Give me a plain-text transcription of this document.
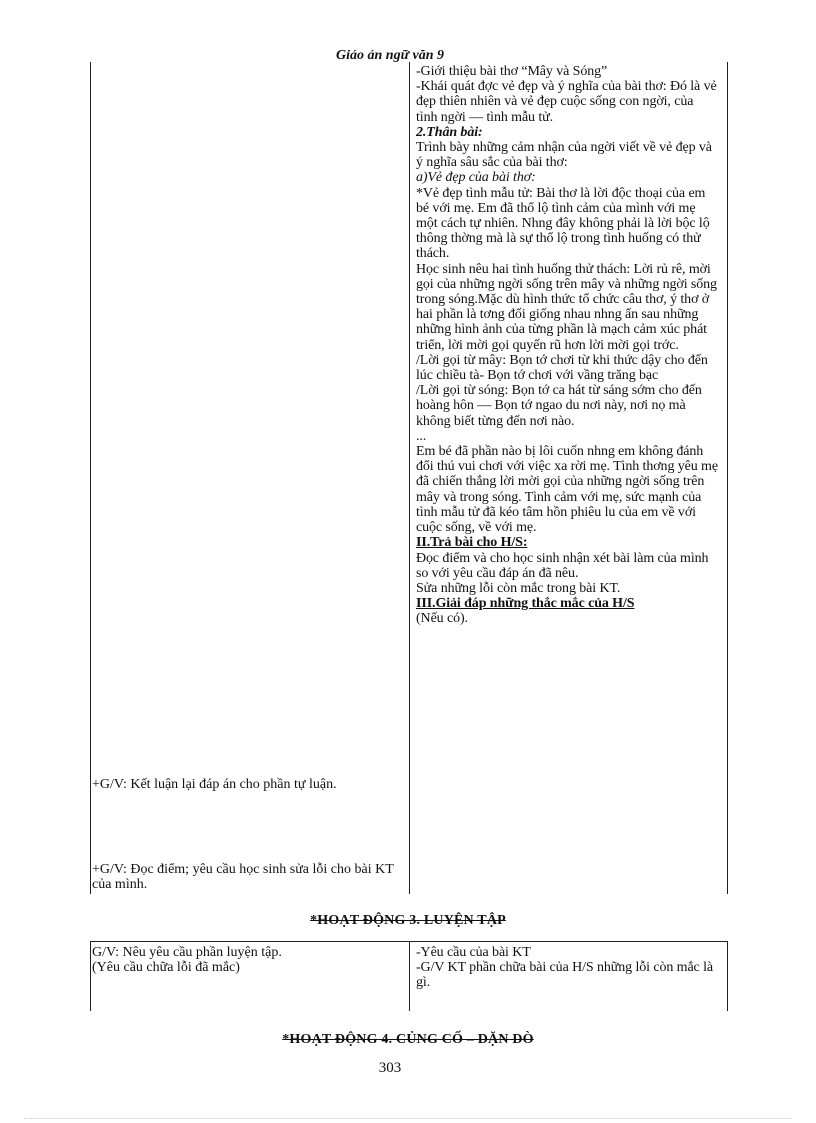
Giáo án ngữ văn 9

-Giới thiệu bài thơ “Mây và Sóng”

-Khái quát đợc vẻ đẹp và ý nghĩa của bài thơ: Đó là vẻ đẹp thiên nhiên và vẻ đẹp cuộc sống con ngời, của tình ngời — tình mẫu tử.

2.Thân bài:

Trình bày những cảm nhận của ngời viết về vẻ đẹp và ý nghĩa sâu sắc của bài thơ:

a)Vẻ đẹp của bài thơ:

*Vẻ đẹp tình mẫu tử: Bài thơ là lời độc thoại của em bé với mẹ. Em đã thổ lộ tình cảm của mình với mẹ một cách tự nhiên. Nhng đây không phải là lời bộc lộ thông thờng mà là sự thổ lộ trong tình huống có thử thách.

Học sinh nêu hai tình huống thử thách: Lời rủ rê, mời gọi của những ngời sống trên mây và những ngời sống trong sóng.Mặc dù hình thức tổ chức câu thơ, ý thơ ở hai phần là tơng đối giống nhau nhng ẩn sau những những hình ảnh của từng phần là mạch cảm xúc phát triển, lời mời gọi quyến rũ hơn lời mời gọi trớc.

/Lời gọi từ mây: Bọn tớ chơi từ khi thức dậy cho đến lúc chiều tà- Bọn tớ chơi với vầng trăng bạc

/Lời gọi từ sóng: Bọn tớ ca hát từ sáng sớm cho đến hoàng hôn — Bọn tớ ngao du nơi này, nơi nọ mà không biết từng đến nơi nào.

...

Em bé đã phần nào bị lôi cuốn nhng em không đánh đổi thú vui chơi với việc xa rời mẹ. Tình thơng yêu mẹ đã chiến thắng lời mời gọi của những ngời sống trên mây và trong sóng. Tình cảm với mẹ, sức mạnh của tình mẫu tử đã kéo tâm hồn phiêu lu của em về với cuộc sống, về với mẹ.

II.Trả bài cho H/S:

Đọc điểm và cho học sinh nhận xét bài làm của mình so với yêu cầu đáp án đã nêu.

Sửa những lỗi còn mắc trong bài KT.

III.Giải đáp những thắc mắc của H/S

(Nếu có).

+G/V: Kết luận lại đáp án cho phần tự luận.

+G/V: Đọc điểm; yêu cầu học sinh sửa lỗi cho bài KT của mình.

*HOẠT ĐỘNG 3. LUYỆN TẬP

G/V: Nêu yêu cầu phần luyện tập.

(Yêu cầu chữa lỗi đã mắc)

-Yêu cầu của bài KT

-G/V KT phần chữa bài của H/S những lỗi còn mắc là gì.

*HOẠT ĐỘNG 4. CỦNG CỐ – DẶN DÒ
303
